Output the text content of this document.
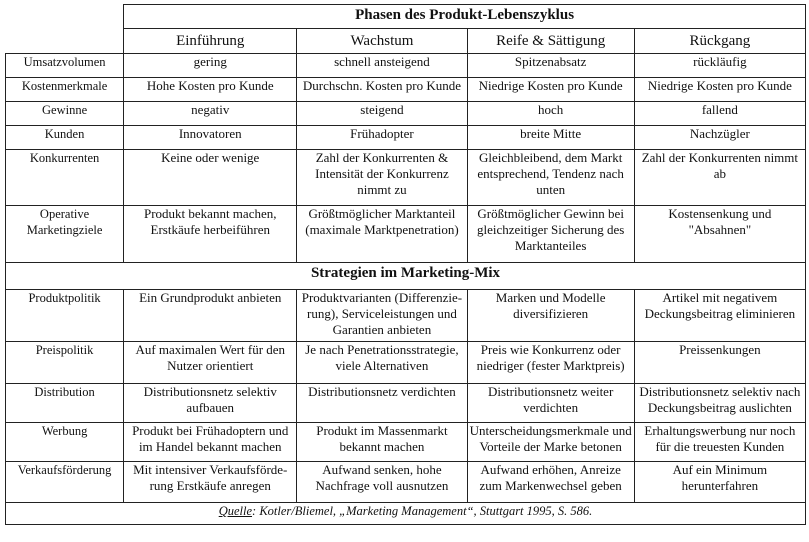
	Phasen des Produkt-Lebenszyklus			
	Einführung	Wachstum	Reife & Sättigung	Rückgang
Umsatzvolumen	gering	schnell ansteigend	Spitzenabsatz	rückläufig
Kostenmerkmale	Hohe Kosten pro Kunde	Durchschn. Kosten pro Kunde	Niedrige Kosten pro Kunde	Niedrige Kosten pro Kunde
Gewinne	negativ	steigend	hoch	fallend
Kunden	Innovatoren	Frühadopter	breite Mitte	Nachzügler
Konkurrenten	Keine oder wenige	Zahl der Konkurrenten & Intensität der Konkurrenz nimmt zu	Gleichbleibend, dem Markt entsprechend, Tendenz nach unten	Zahl der Konkurrenten nimmt ab
Operative Marketingziele	Produkt bekannt machen, Erstkäufe herbeiführen	Größtmöglicher Marktanteil (maximale Marktpenetration)	Größtmöglicher Gewinn bei gleichzeitiger Sicherung des Marktanteiles	Kostensenkung und "Absahnen"
Strategien im Marketing-Mix				
Produktpolitik	Ein Grundprodukt anbieten	Produktvarianten (Differenzie- rung), Serviceleistungen und Garantien anbieten	Marken und Modelle diversifizieren	Artikel mit negativem Deckungsbeitrag eliminieren
Preispolitik	Auf maximalen Wert für den Nutzer orientiert	Je nach Penetrationsstrategie, viele Alternativen	Preis wie Konkurrenz oder niedriger (fester Marktpreis)	Preissenkungen
Distribution	Distributionsnetz selektiv aufbauen	Distributionsnetz verdichten	Distributionsnetz weiter verdichten	Distributionsnetz selektiv nach Deckungsbeitrag auslichten
Werbung	Produkt bei Frühadoptern und im Handel bekannt machen	Produkt im Massenmarkt bekannt machen	Unterscheidungsmerkmale und Vorteile der Marke betonen	Erhaltungswerbung nur noch für die treuesten Kunden
Verkaufsförderung	Mit intensiver Verkaufsförde- rung Erstkäufe anregen	Aufwand senken, hohe Nachfrage voll ausnutzen	Aufwand erhöhen, Anreize zum Markenwechsel geben	Auf ein Minimum herunterfahren
Quelle: Kotler/Bliemel, „Marketing Management“, Stuttgart 1995, S. 586.				
